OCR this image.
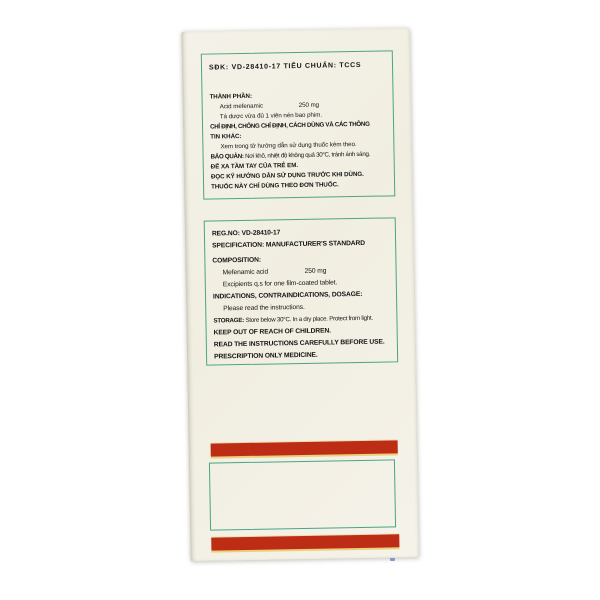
SĐK: VD-28410-17 TIÊU CHUẨN: TCCS
THÀNH PHẦN:
Acid mefenamic	250 mg
Tá dược vừa đủ 1 viên nén bao phim.
CHỈ ĐỊNH, CHỐNG CHỈ ĐỊNH, CÁCH DÙNG VÀ CÁC THÔNG
TIN KHÁC:
Xem trong tờ hướng dẫn sử dụng thuốc kèm theo.
BẢO QUẢN: Nơi khô, nhiệt độ không quá 30°C, tránh ánh sáng.
ĐỂ XA TẦM TAY CỦA TRẺ EM.
ĐỌC KỸ HƯỚNG DẪN SỬ DỤNG TRƯỚC KHI DÙNG.
THUỐC NÀY CHỈ DÙNG THEO ĐƠN THUỐC.
REG.NO: VD-28410-17
SPECIFICATION: MANUFACTURER'S STANDARD
COMPOSITION:
Mefenamic acid	250 mg
Excipients q.s for one film-coated tablet.
INDICATIONS, CONTRAINDICATIONS, DOSAGE:
Please read the instructions.
STORAGE: Store below 30°C. In a dry place. Protect from light.
KEEP OUT OF REACH OF CHILDREN.
READ THE INSTRUCTIONS CAREFULLY BEFORE USE.
PRESCRIPTION ONLY MEDICINE.
